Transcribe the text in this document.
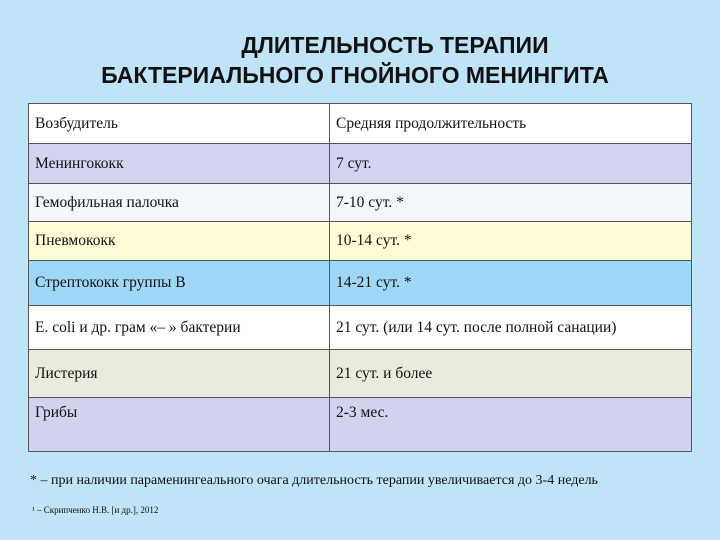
ДЛИТЕЛЬНОСТЬ ТЕРАПИИ
БАКТЕРИАЛЬНОГО ГНОЙНОГО МЕНИНГИТА
Возбудитель	Средняя продолжительность
Менингококк	7 сут.
Гемофильная палочка	7-10 сут. *
Пневмококк	10-14 сут. *
Стрептококк группы В	14-21 сут. *
E. coli и др. грам «– » бактерии	21 сут. (или 14 сут. после полной санации)
Листерия	21 сут. и более
Грибы	2-3 мес.
* – при наличии параменингеального очага длительность терапии увеличивается до 3-4 недель
¹ – Скрипченко Н.В. [и др.], 2012
